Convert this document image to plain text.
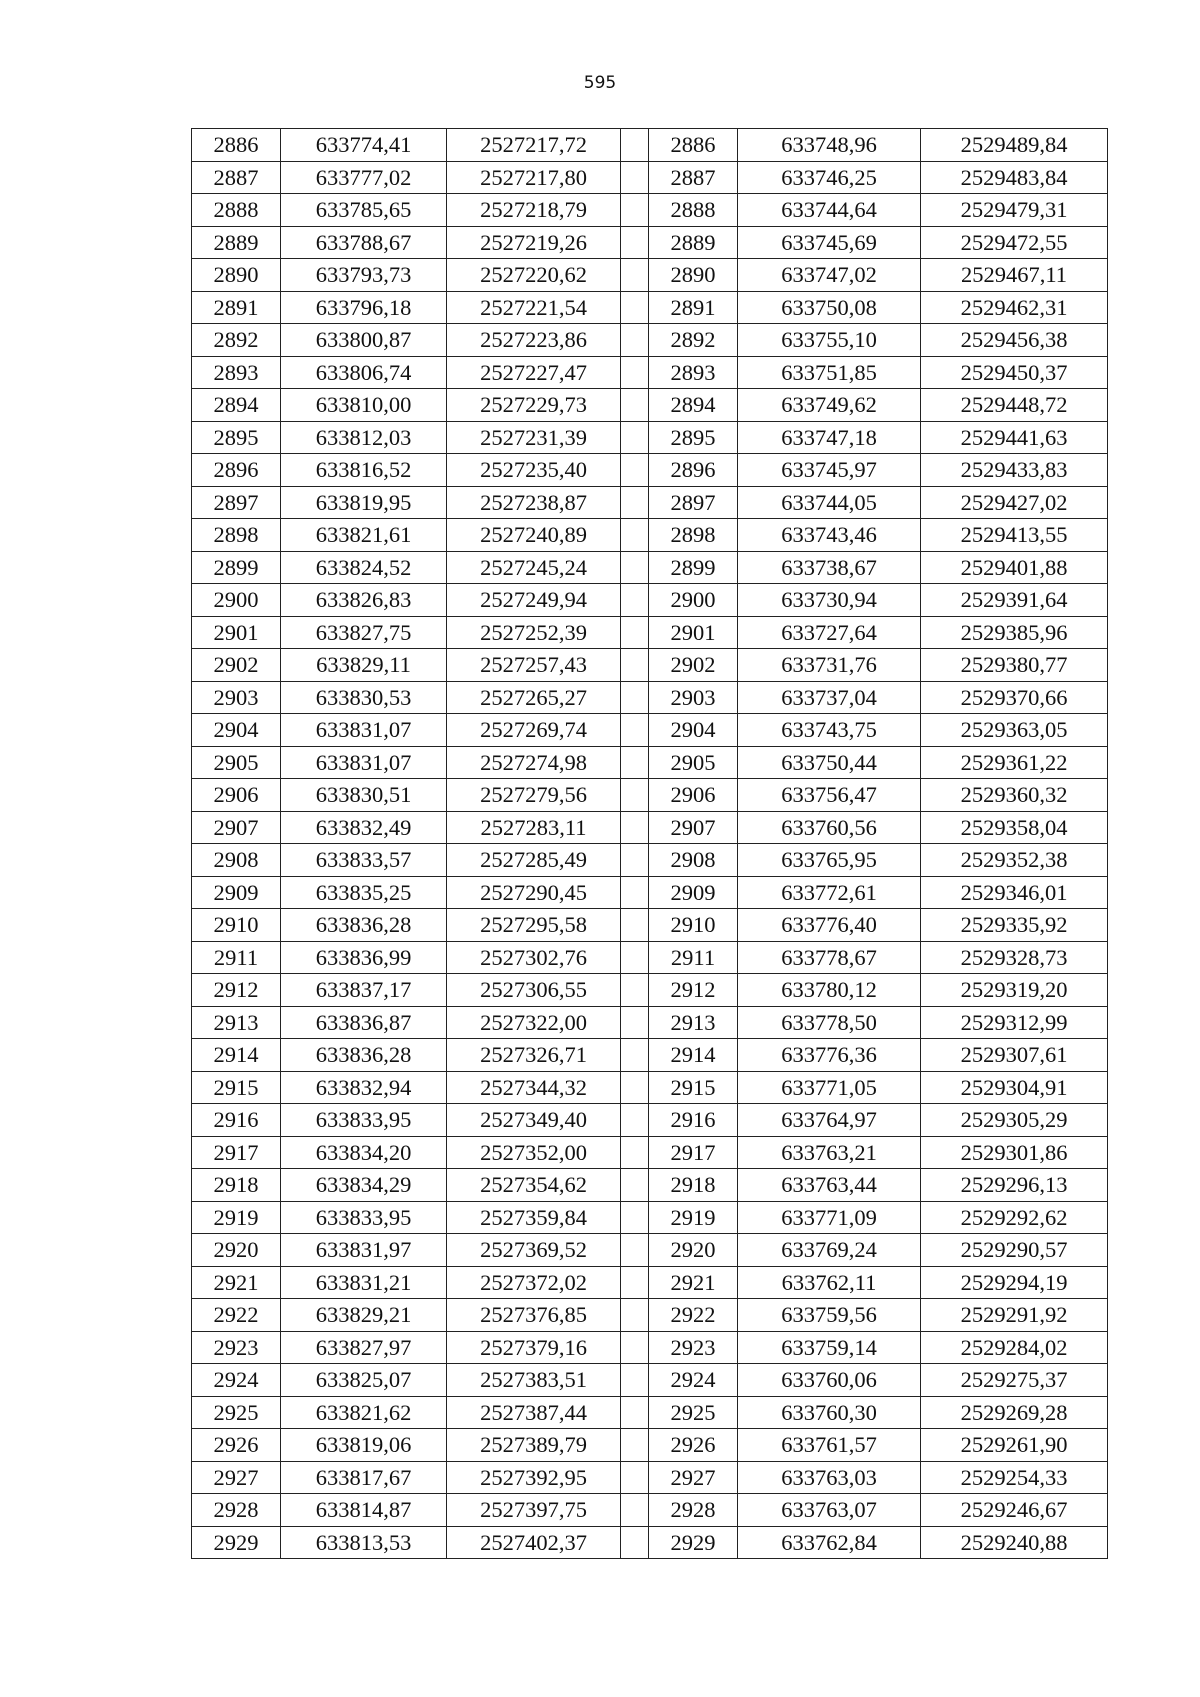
595
2886	633774,41	2527217,72		2886	633748,96	2529489,84
2887	633777,02	2527217,80		2887	633746,25	2529483,84
2888	633785,65	2527218,79		2888	633744,64	2529479,31
2889	633788,67	2527219,26		2889	633745,69	2529472,55
2890	633793,73	2527220,62		2890	633747,02	2529467,11
2891	633796,18	2527221,54		2891	633750,08	2529462,31
2892	633800,87	2527223,86		2892	633755,10	2529456,38
2893	633806,74	2527227,47		2893	633751,85	2529450,37
2894	633810,00	2527229,73		2894	633749,62	2529448,72
2895	633812,03	2527231,39		2895	633747,18	2529441,63
2896	633816,52	2527235,40		2896	633745,97	2529433,83
2897	633819,95	2527238,87		2897	633744,05	2529427,02
2898	633821,61	2527240,89		2898	633743,46	2529413,55
2899	633824,52	2527245,24		2899	633738,67	2529401,88
2900	633826,83	2527249,94		2900	633730,94	2529391,64
2901	633827,75	2527252,39		2901	633727,64	2529385,96
2902	633829,11	2527257,43		2902	633731,76	2529380,77
2903	633830,53	2527265,27		2903	633737,04	2529370,66
2904	633831,07	2527269,74		2904	633743,75	2529363,05
2905	633831,07	2527274,98		2905	633750,44	2529361,22
2906	633830,51	2527279,56		2906	633756,47	2529360,32
2907	633832,49	2527283,11		2907	633760,56	2529358,04
2908	633833,57	2527285,49		2908	633765,95	2529352,38
2909	633835,25	2527290,45		2909	633772,61	2529346,01
2910	633836,28	2527295,58		2910	633776,40	2529335,92
2911	633836,99	2527302,76		2911	633778,67	2529328,73
2912	633837,17	2527306,55		2912	633780,12	2529319,20
2913	633836,87	2527322,00		2913	633778,50	2529312,99
2914	633836,28	2527326,71		2914	633776,36	2529307,61
2915	633832,94	2527344,32		2915	633771,05	2529304,91
2916	633833,95	2527349,40		2916	633764,97	2529305,29
2917	633834,20	2527352,00		2917	633763,21	2529301,86
2918	633834,29	2527354,62		2918	633763,44	2529296,13
2919	633833,95	2527359,84		2919	633771,09	2529292,62
2920	633831,97	2527369,52		2920	633769,24	2529290,57
2921	633831,21	2527372,02		2921	633762,11	2529294,19
2922	633829,21	2527376,85		2922	633759,56	2529291,92
2923	633827,97	2527379,16		2923	633759,14	2529284,02
2924	633825,07	2527383,51		2924	633760,06	2529275,37
2925	633821,62	2527387,44		2925	633760,30	2529269,28
2926	633819,06	2527389,79		2926	633761,57	2529261,90
2927	633817,67	2527392,95		2927	633763,03	2529254,33
2928	633814,87	2527397,75		2928	633763,07	2529246,67
2929	633813,53	2527402,37		2929	633762,84	2529240,88
